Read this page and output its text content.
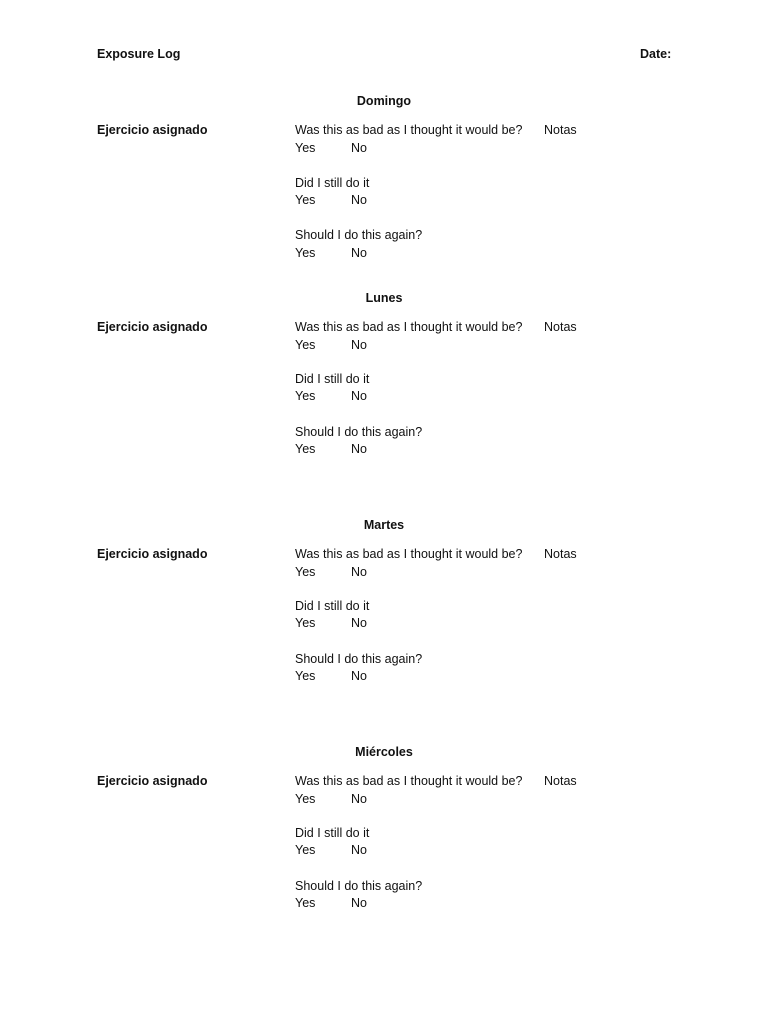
Exposure Log	Date:
Domingo
Ejercicio asignado	Was this as bad as I thought it would be? Notas
Yes	No
Did I still do it
Yes	No
Should I do this again?
Yes	No
Lunes
Ejercicio asignado	Was this as bad as I thought it would be? Notas
Yes	No
Did I still do it
Yes	No
Should I do this again?
Yes	No
Martes
Ejercicio asignado	Was this as bad as I thought it would be? Notas
Yes	No
Did I still do it
Yes	No
Should I do this again?
Yes	No
Miércoles
Ejercicio asignado	Was this as bad as I thought it would be? Notas
Yes	No
Did I still do it
Yes	No
Should I do this again?
Yes	No
